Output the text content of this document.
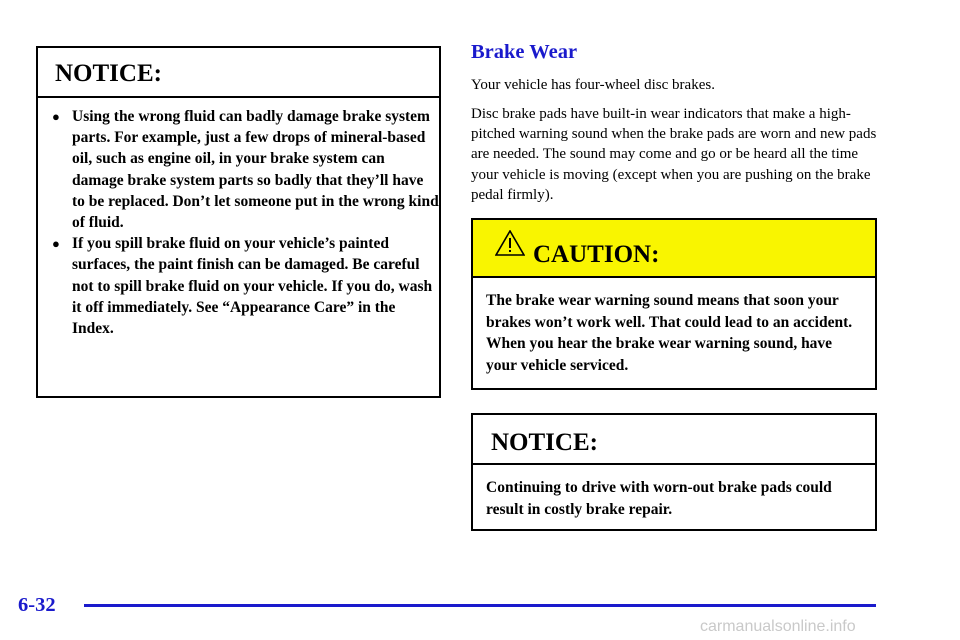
NOTICE:
● Using the wrong fluid can badly damage brake system parts. For example, just a few drops of mineral-based oil, such as engine oil, in your brake system can damage brake system parts so badly that they’ll have to be replaced. Don’t let someone put in the wrong kind of fluid.
● If you spill brake fluid on your vehicle’s painted surfaces, the paint finish can be damaged. Be careful not to spill brake fluid on your vehicle. If you do, wash it off immediately. See “Appearance Care” in the Index.
Brake Wear

Your vehicle has four-wheel disc brakes.

Disc brake pads have built-in wear indicators that make a high-pitched warning sound when the brake pads are worn and new pads are needed. The sound may come and go or be heard all the time your vehicle is moving (except when you are pushing on the brake pedal firmly).

CAUTION:
The brake wear warning sound means that soon your brakes won’t work well. That could lead to an accident. When you hear the brake wear warning sound, have your vehicle serviced.
NOTICE:
Continuing to drive with worn-out brake pads could result in costly brake repair.
6-32
carmanualsonline.info
